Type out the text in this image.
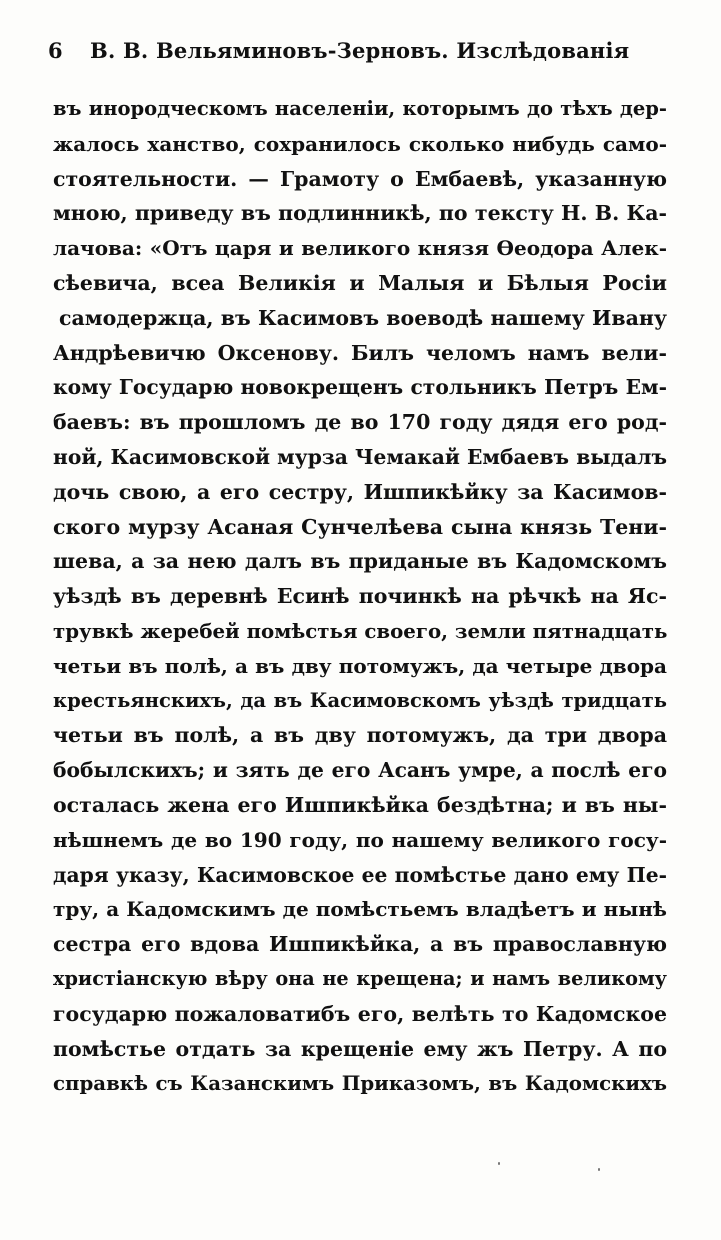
6 В. В. Вельяминовъ-Зерновъ. Изслѣдованія
въ инородческомъ населеніи, которымъ до тѣхъ дер-
жалось ханство, сохранилось сколько нибудь само-
стоятельности. — Грамоту о Ембаевѣ, указанную
мною, приведу въ подлинникѣ, по тексту Н. В. Ка-
лачова: «Отъ царя и великого князя Ѳеодора Алек-
сѣевича, всеа Великія и Малыя и Бѣлыя Росіи
самодержца, въ Касимовъ воеводѣ нашему Ивану
Андрѣевичю Оксенову. Билъ челомъ намъ вели-
кому Государю новокрещенъ стольникъ Петръ Ем-
баевъ: въ прошломъ де во 170 году дядя его род-
ной, Касимовской мурза Чемакай Ембаевъ выдалъ
дочь свою, а его сестру, Ишпикѣйку за Касимов-
ского мурзу Асаная Сунчелѣева сына князь Тени-
шева, а за нею далъ въ приданые въ Кадомскомъ
уѣздѣ въ деревнѣ Есинѣ починкѣ на рѣчкѣ на Яс-
трувкѣ жеребей помѣстья своего, земли пятнадцать
четьи въ полѣ, а въ дву потомужъ, да четыре двора
крестьянскихъ, да въ Касимовскомъ уѣздѣ тридцать
четьи въ полѣ, а въ дву потомужъ, да три двора
бобылскихъ; и зять де его Асанъ умре, а послѣ его
осталась жена его Ишпикѣйка бездѣтна; и въ ны-
нѣшнемъ де во 190 году, по нашему великого госу-
даря указу, Касимовское ее помѣстье дано ему Пе-
тру, а Кадомскимъ де помѣстьемъ владѣетъ и нынѣ
сестра его вдова Ишпикѣйка, а въ православную
христіанскую вѣру она не крещена; и намъ великому
государю пожаловатибъ его, велѣть то Кадомское
помѣстье отдать за крещеніе ему жъ Петру. А по
справкѣ съ Казанскимъ Приказомъ, въ Кадомскихъ
